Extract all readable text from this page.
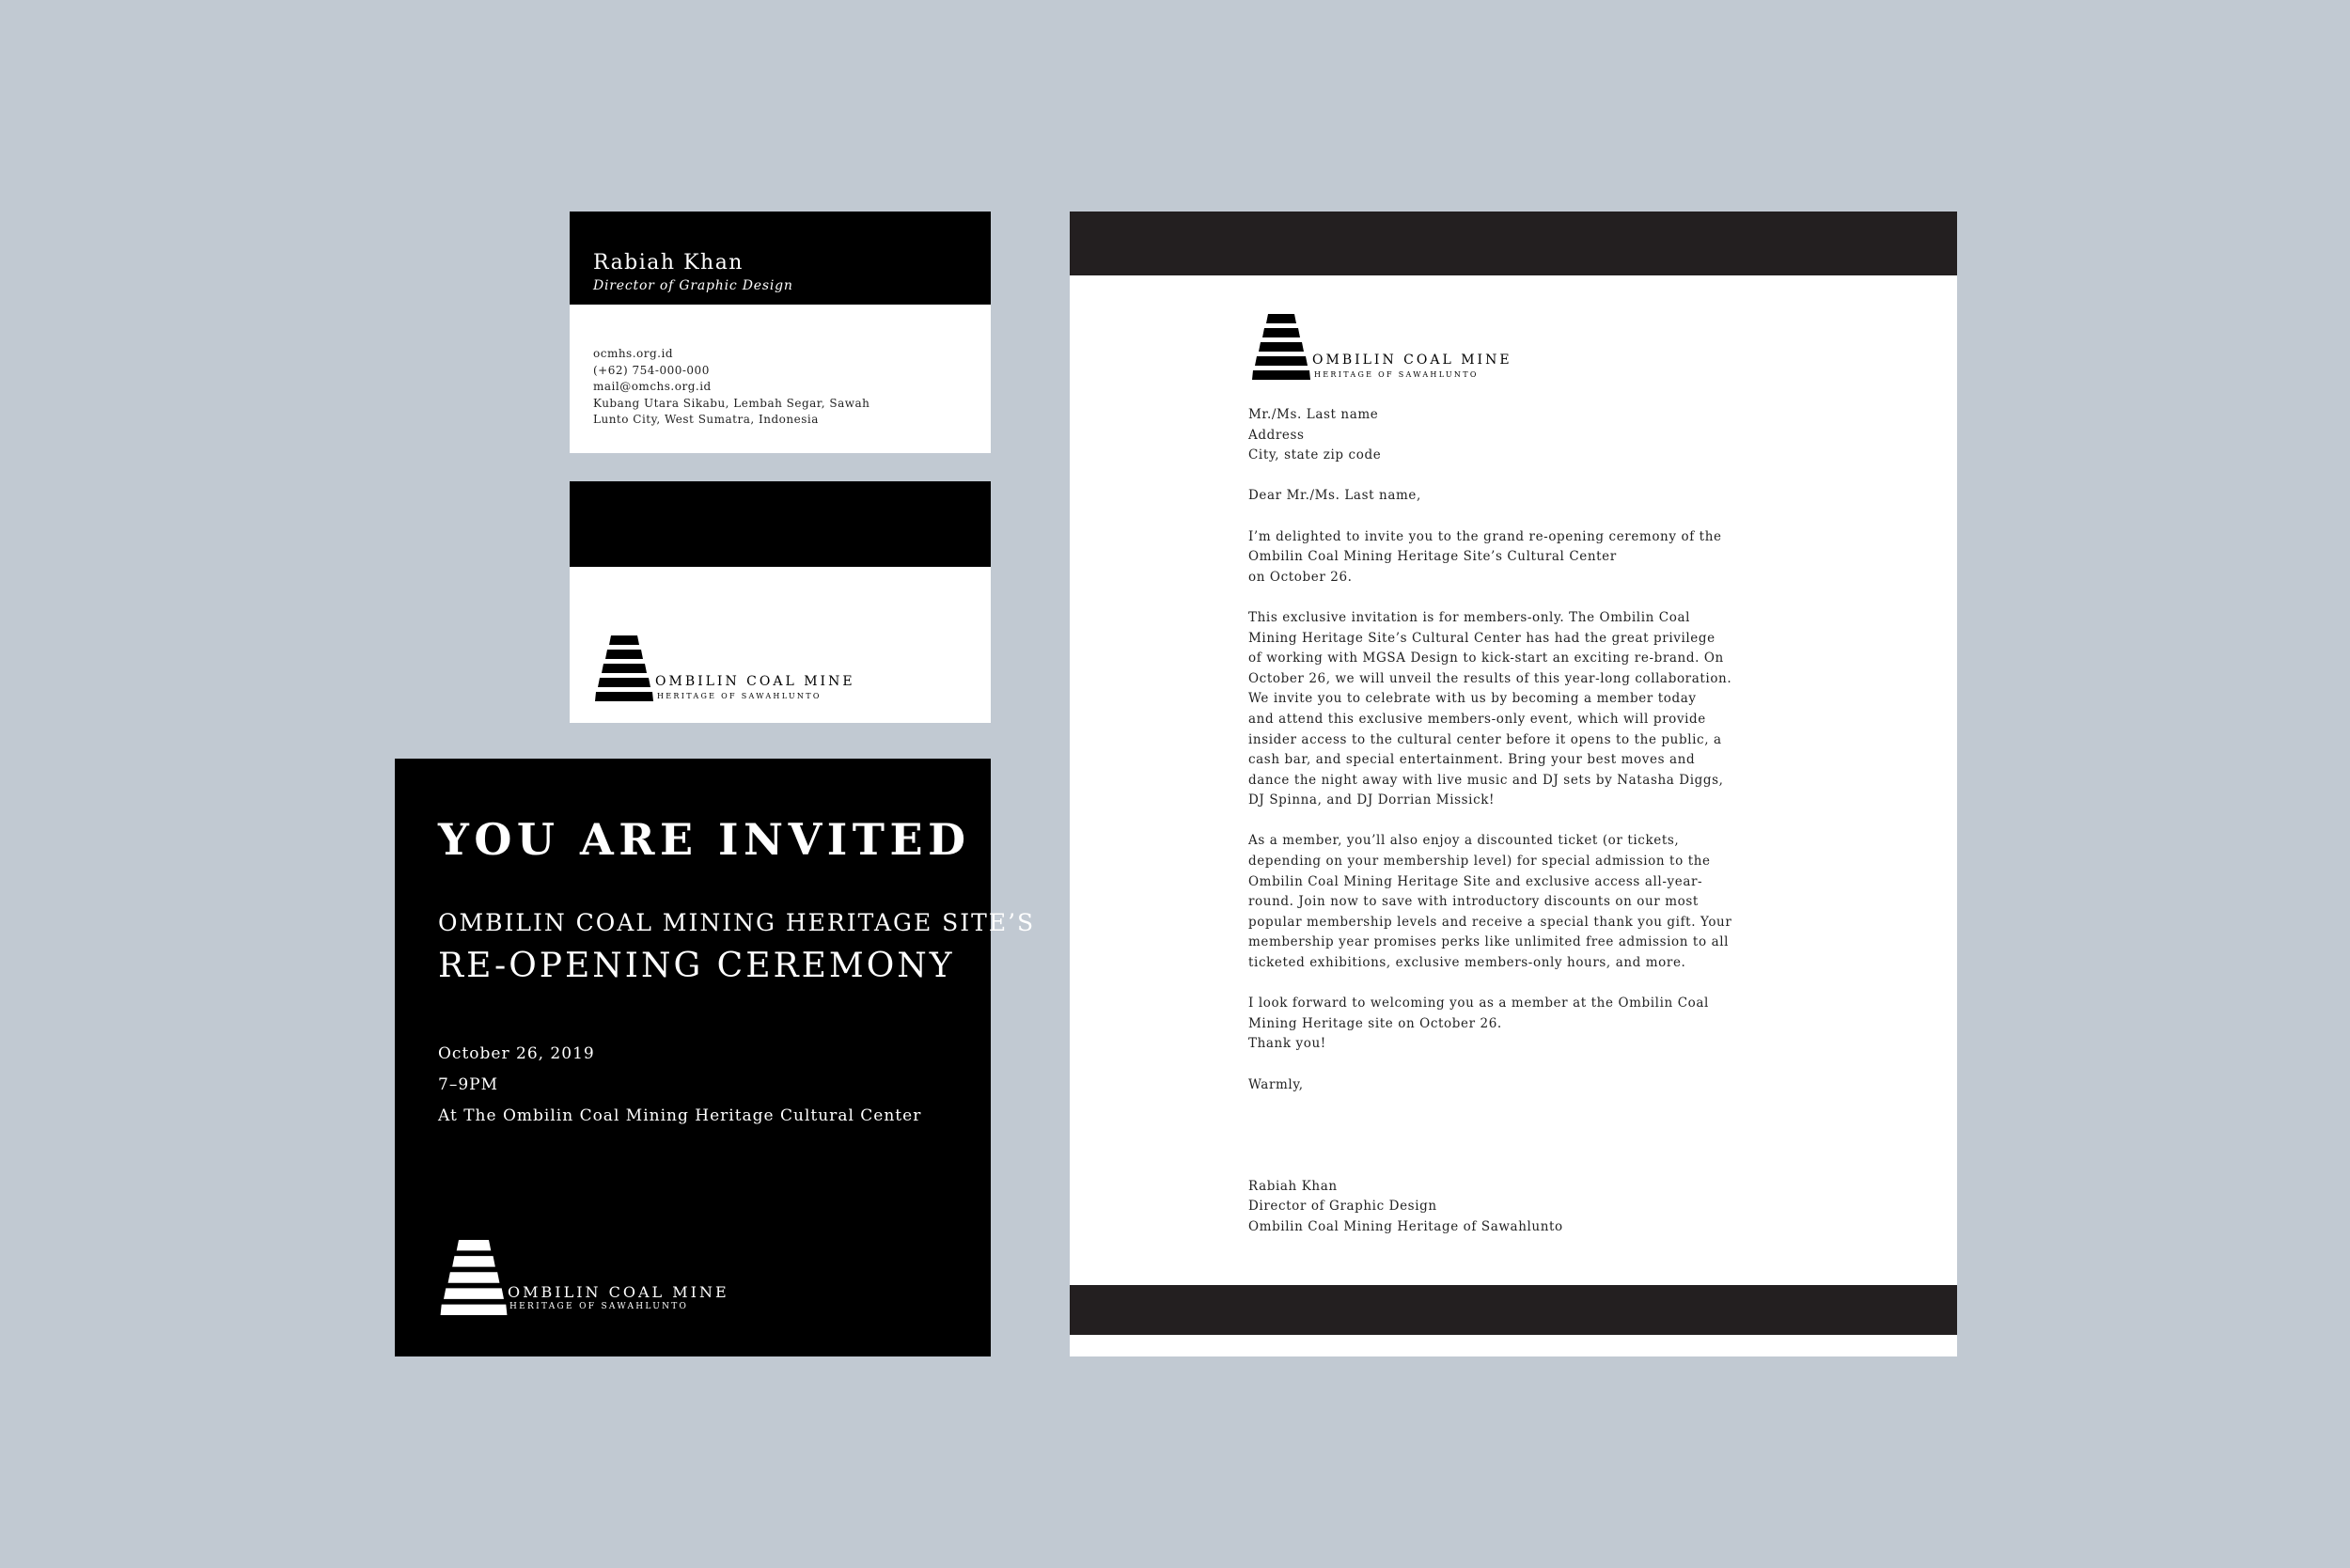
Rabiah Khan
Director of Graphic Design
ocmhs.org.id
(+62) 754-000-000
mail@omchs.org.id
Kubang Utara Sikabu, Lembah Segar, Sawah
Lunto City, West Sumatra, Indonesia
OMBILIN COAL MINE
HERITAGE OF SAWAHLUNTO
YOU ARE INVITED
OMBILIN COAL MINING HERITAGE SITE’S
RE-OPENING CEREMONY
October 26, 2019
7–9PM
At The Ombilin Coal Mining Heritage Cultural Center
OMBILIN COAL MINE
HERITAGE OF SAWAHLUNTO
OMBILIN COAL MINE
HERITAGE OF SAWAHLUNTO
Mr./Ms. Last name
Address
City, state zip code
Dear Mr./Ms. Last name,
I’m delighted to invite you to the grand re-opening ceremony of the
Ombilin Coal Mining Heritage Site’s Cultural Center
on October 26.
This exclusive invitation is for members-only. The Ombilin Coal
Mining Heritage Site’s Cultural Center has had the great privilege
of working with MGSA Design to kick-start an exciting re-brand. On
October 26, we will unveil the results of this year-long collaboration.
We invite you to celebrate with us by becoming a member today
and attend this exclusive members-only event, which will provide
insider access to the cultural center before it opens to the public, a
cash bar, and special entertainment. Bring your best moves and
dance the night away with live music and DJ sets by Natasha Diggs,
DJ Spinna, and DJ Dorrian Missick!
As a member, you’ll also enjoy a discounted ticket (or tickets,
depending on your membership level) for special admission to the
Ombilin Coal Mining Heritage Site and exclusive access all-year-
round. Join now to save with introductory discounts on our most
popular membership levels and receive a special thank you gift. Your
membership year promises perks like unlimited free admission to all
ticketed exhibitions, exclusive members-only hours, and more.
I look forward to welcoming you as a member at the Ombilin Coal
Mining Heritage site on October 26.
Thank you!
Warmly,
Rabiah Khan
Director of Graphic Design
Ombilin Coal Mining Heritage of Sawahlunto
